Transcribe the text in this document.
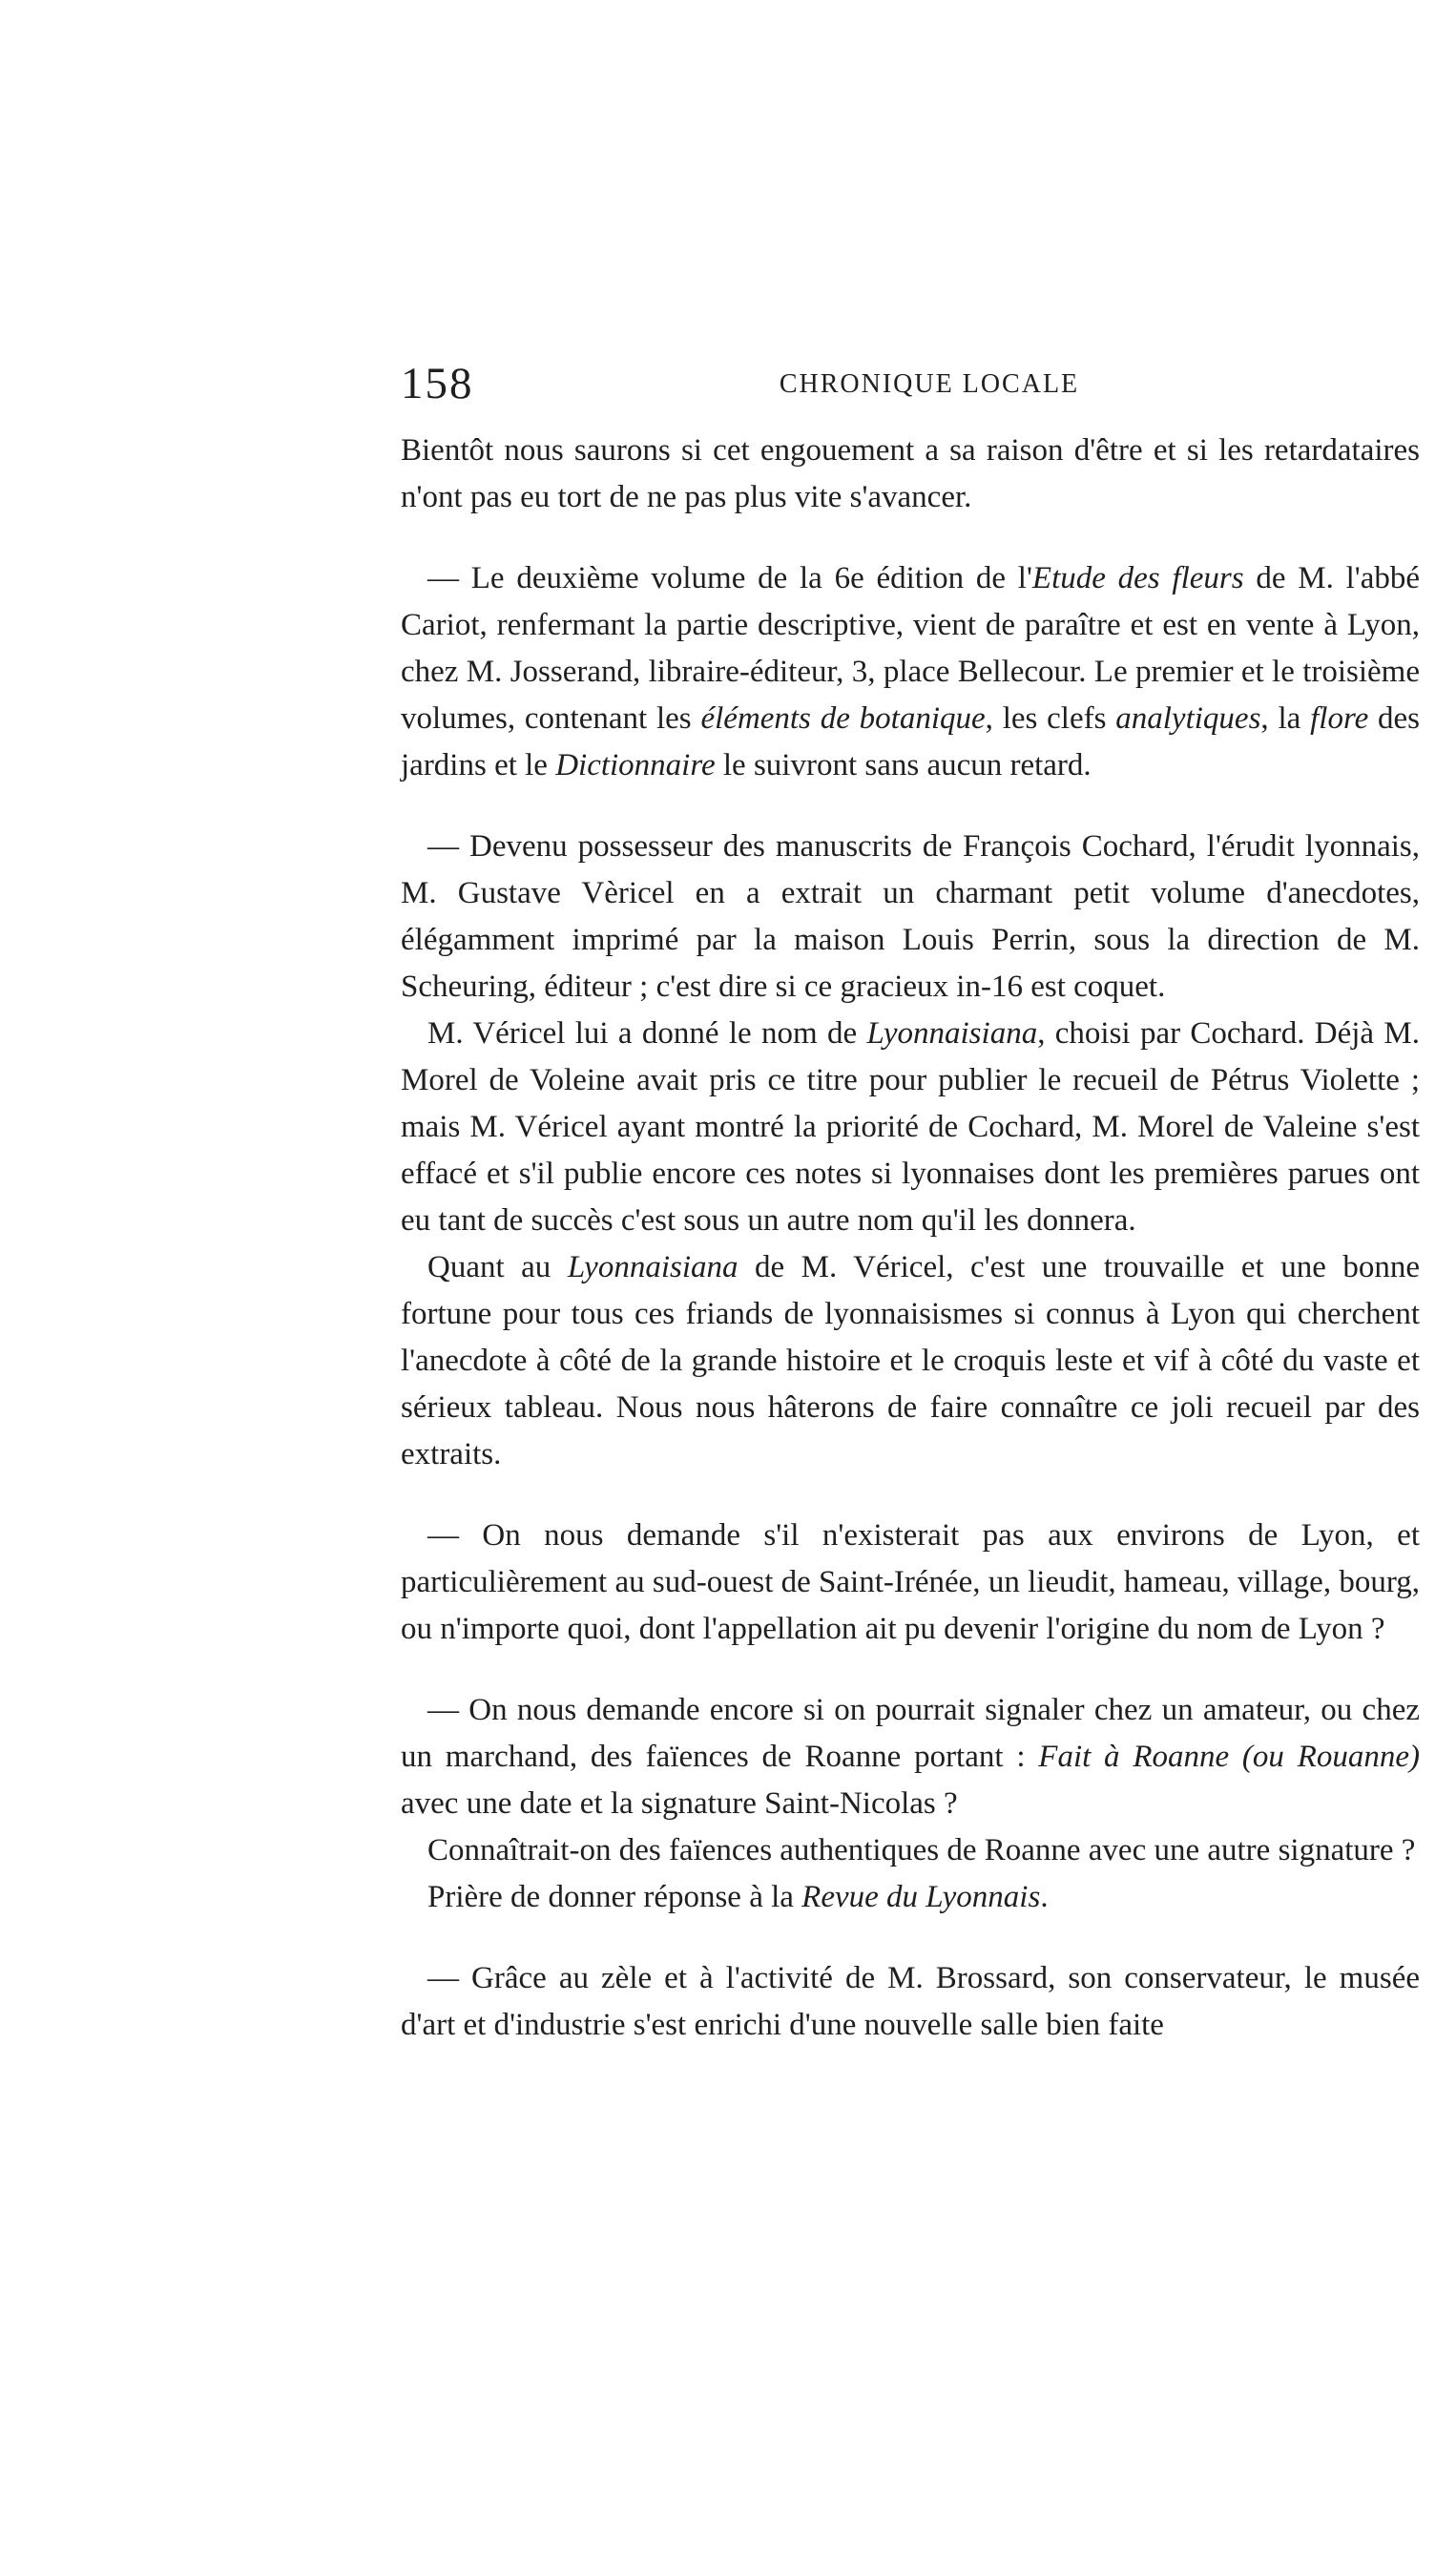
158	CHRONIQUE LOCALE

Bientôt nous saurons si cet engouement a sa raison d'être et si les retardataires n'ont pas eu tort de ne pas plus vite s'avancer.

— Le deuxième volume de la 6e édition de l'Etude des fleurs de M. l'abbé Cariot, renfermant la partie descriptive, vient de paraître et est en vente à Lyon, chez M. Josserand, libraire-éditeur, 3, place Bellecour. Le premier et le troisième volumes, contenant les éléments de botanique, les clefs analytiques, la flore des jardins et le Dictionnaire le suivront sans aucun retard.

— Devenu possesseur des manuscrits de François Cochard, l'érudit lyonnais, M. Gustave Vèricel en a extrait un charmant petit volume d'anecdotes, élégamment imprimé par la maison Louis Perrin, sous la direction de M. Scheuring, éditeur ; c'est dire si ce gracieux in-16 est coquet.

M. Véricel lui a donné le nom de Lyonnaisiana, choisi par Cochard. Déjà M. Morel de Voleine avait pris ce titre pour publier le recueil de Pétrus Violette ; mais M. Véricel ayant montré la priorité de Cochard, M. Morel de Valeine s'est effacé et s'il publie encore ces notes si lyonnaises dont les premières parues ont eu tant de succès c'est sous un autre nom qu'il les donnera.

Quant au Lyonnaisiana de M. Véricel, c'est une trouvaille et une bonne fortune pour tous ces friands de lyonnaisismes si connus à Lyon qui cherchent l'anecdote à côté de la grande histoire et le croquis leste et vif à côté du vaste et sérieux tableau. Nous nous hâterons de faire connaître ce joli recueil par des extraits.

— On nous demande s'il n'existerait pas aux environs de Lyon, et particulièrement au sud-ouest de Saint-Irénée, un lieudit, hameau, village, bourg, ou n'importe quoi, dont l'appellation ait pu devenir l'origine du nom de Lyon ?

— On nous demande encore si on pourrait signaler chez un amateur, ou chez un marchand, des faïences de Roanne portant : Fait à Roanne (ou Rouanne) avec une date et la signature Saint-Nicolas ?

Connaîtrait-on des faïences authentiques de Roanne avec une autre signature ?

Prière de donner réponse à la Revue du Lyonnais.

— Grâce au zèle et à l'activité de M. Brossard, son conservateur, le musée d'art et d'industrie s'est enrichi d'une nouvelle salle bien faite
